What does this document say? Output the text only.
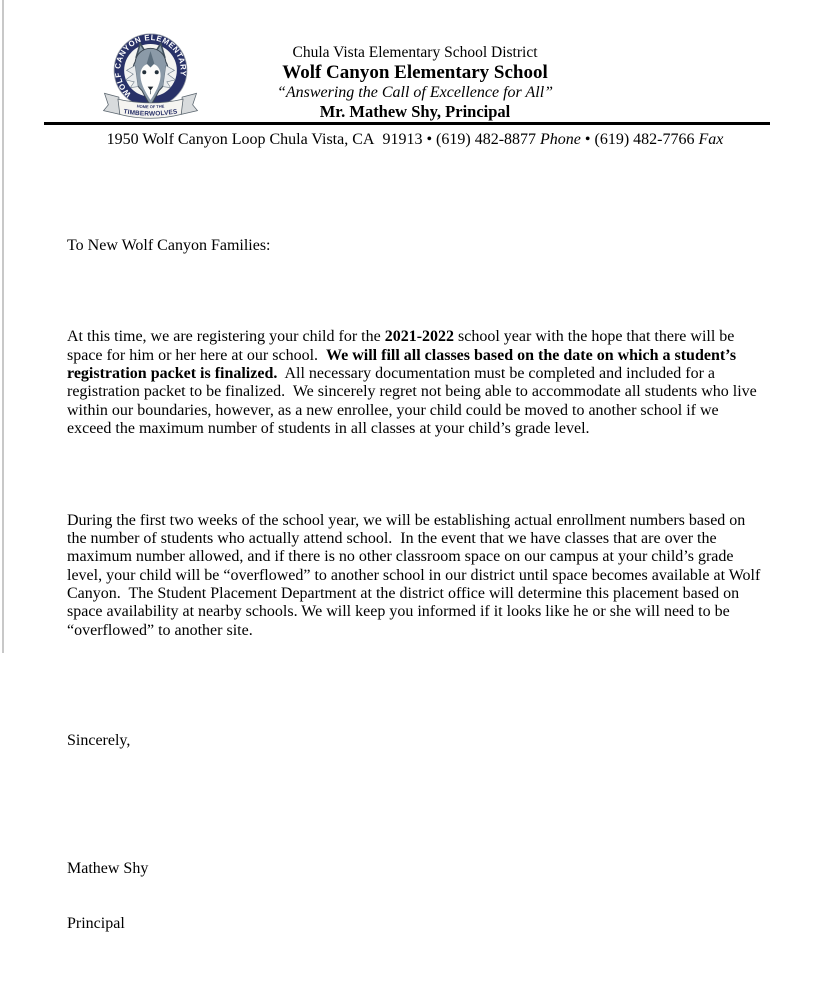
WOLF CANYON ELEMENTARY
HOME OF THE
TIMBERWOLVES
Chula Vista Elementary School District
Wolf Canyon Elementary School
“Answering the Call of Excellence for All”
Mr. Mathew Shy, Principal
1950 Wolf Canyon Loop Chula Vista, CA  91913 • (619) 482-8877 Phone • (619) 482-7766 Fax

To New Wolf Canyon Families:

At this time, we are registering your child for the 2021-2022 school year with the hope that there will be space for him or her here at our school.  We will fill all classes based on the date on which a student’s registration packet is finalized.  All necessary documentation must be completed and included for a registration packet to be finalized.  We sincerely regret not being able to accommodate all students who live within our boundaries, however, as a new enrollee, your child could be moved to another school if we exceed the maximum number of students in all classes at your child’s grade level.

During the first two weeks of the school year, we will be establishing actual enrollment numbers based on the number of students who actually attend school.  In the event that we have classes that are over the maximum number allowed, and if there is no other classroom space on our campus at your child’s grade level, your child will be “overflowed” to another school in our district until space becomes available at Wolf Canyon.  The Student Placement Department at the district office will determine this placement based on space availability at nearby schools. We will keep you informed if it looks like he or she will need to be “overflowed” to another site.

Sincerely,

Mathew Shy

Principal
